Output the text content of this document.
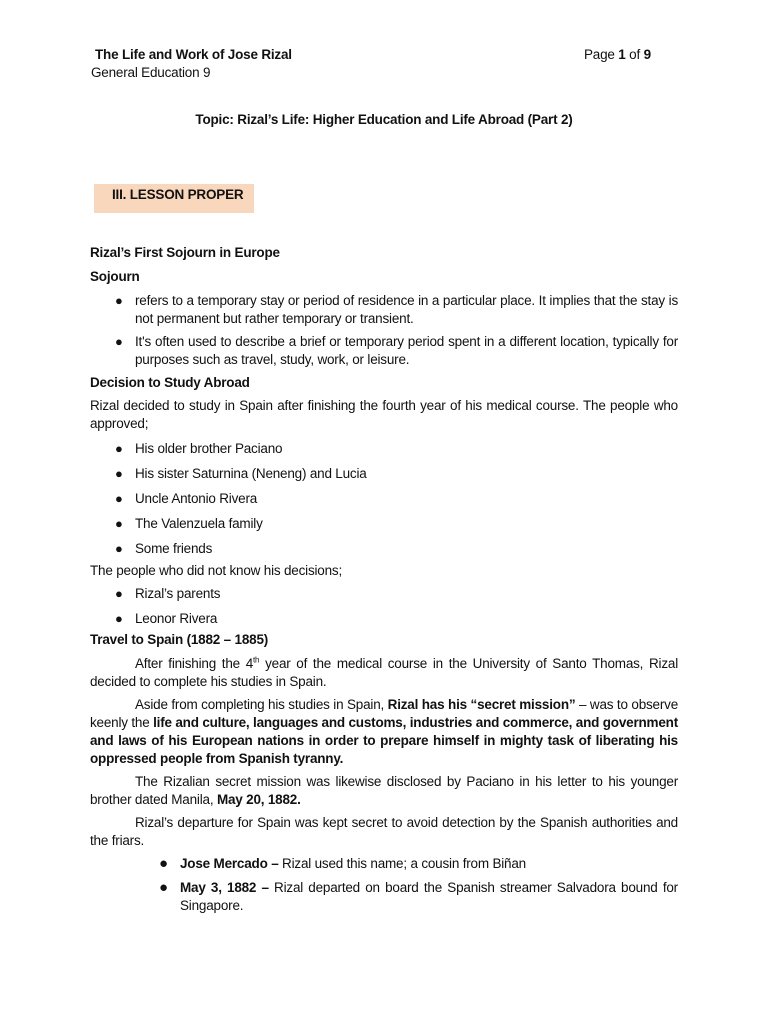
The Life and Work of Jose Rizal
General Education 9
Page 1 of 9
Topic: Rizal’s Life: Higher Education and Life Abroad (Part 2)
III. LESSON PROPER

Rizal’s First Sojourn in Europe

Sojourn

● refers to a temporary stay or period of residence in a particular place. It implies that the stay is not permanent but rather temporary or transient.
● It's often used to describe a brief or temporary period spent in a different location, typically for purposes such as travel, study, work, or leisure.

Decision to Study Abroad

Rizal decided to study in Spain after finishing the fourth year of his medical course. The people who approved;

● His older brother Paciano
● His sister Saturnina (Neneng) and Lucia
● Uncle Antonio Rivera
● The Valenzuela family
● Some friends

The people who did not know his decisions;

● Rizal’s parents
● Leonor Rivera

Travel to Spain (1882 – 1885)

After finishing the 4th year of the medical course in the University of Santo Thomas, Rizal decided to complete his studies in Spain.

Aside from completing his studies in Spain, Rizal has his “secret mission” – was to observe keenly the life and culture, languages and customs, industries and commerce, and government and laws of his European nations in order to prepare himself in mighty task of liberating his oppressed people from Spanish tyranny.

The Rizalian secret mission was likewise disclosed by Paciano in his letter to his younger brother dated Manila, May 20, 1882.

Rizal’s departure for Spain was kept secret to avoid detection by the Spanish authorities and the friars.

● Jose Mercado – Rizal used this name; a cousin from Biñan
● May 3, 1882 – Rizal departed on board the Spanish streamer Salvadora bound for Singapore.
